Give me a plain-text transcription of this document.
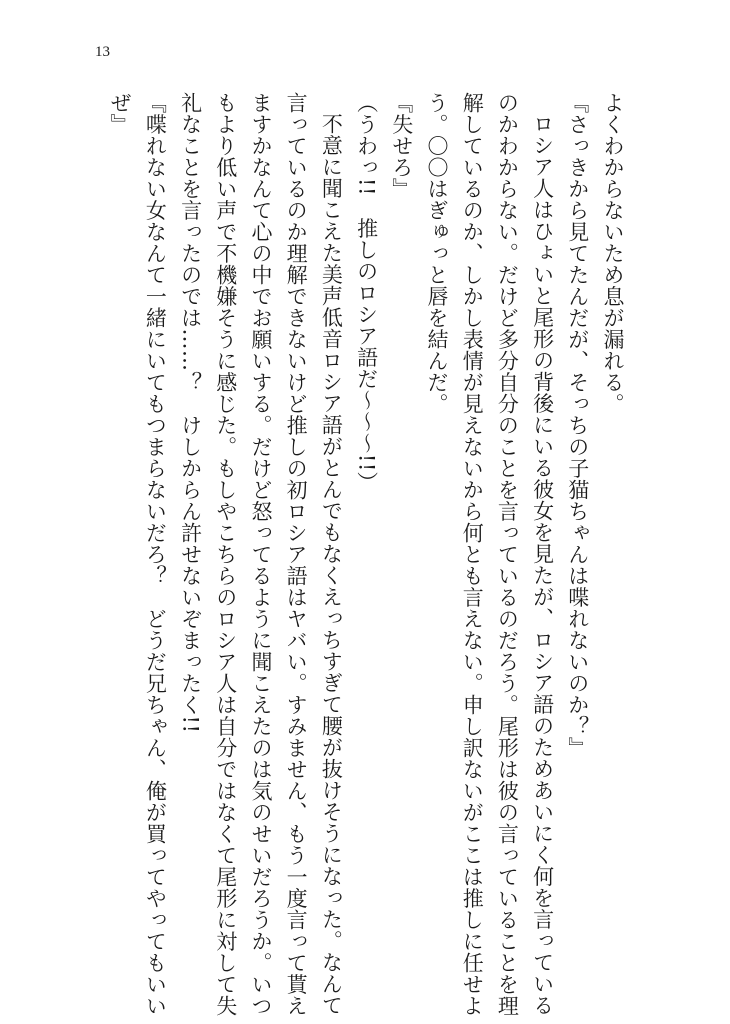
13
よくわからないため息が漏れる。
『さっきから見てたんだが、そっちの子猫ちゃんは喋れないのか？』
ロシア人はひょいと尾形の背後にいる彼女を見たが、ロシア語のためあいにく何を言っている
のかわからない。だけど多分自分のことを言っているのだろう。尾形は彼の言っていることを理
解しているのか、しかし表情が見えないから何とも言えない。申し訳ないがここは推しに任せよ
う。〇〇はぎゅっと唇を結んだ。
『失せろ』
（うわっ!!　推しのロシア語だ〜〜〜!!）
不意に聞こえた美声低音ロシア語がとんでもなくえっちすぎて腰が抜けそうになった。なんて
言っているのか理解できないけど推しの初ロシア語はヤバい。すみません、もう一度言って貰え
ますかなんて心の中でお願いする。だけど怒ってるように聞こえたのは気のせいだろうか。いつ
もより低い声で不機嫌そうに感じた。もしやこちらのロシア人は自分ではなくて尾形に対して失
礼なことを言ったのでは……？　けしからん許せないぞまったく!!
『喋れない女なんて一緒にいてもつまらないだろ？　どうだ兄ちゃん、俺が買ってやってもいい
ぜ』
